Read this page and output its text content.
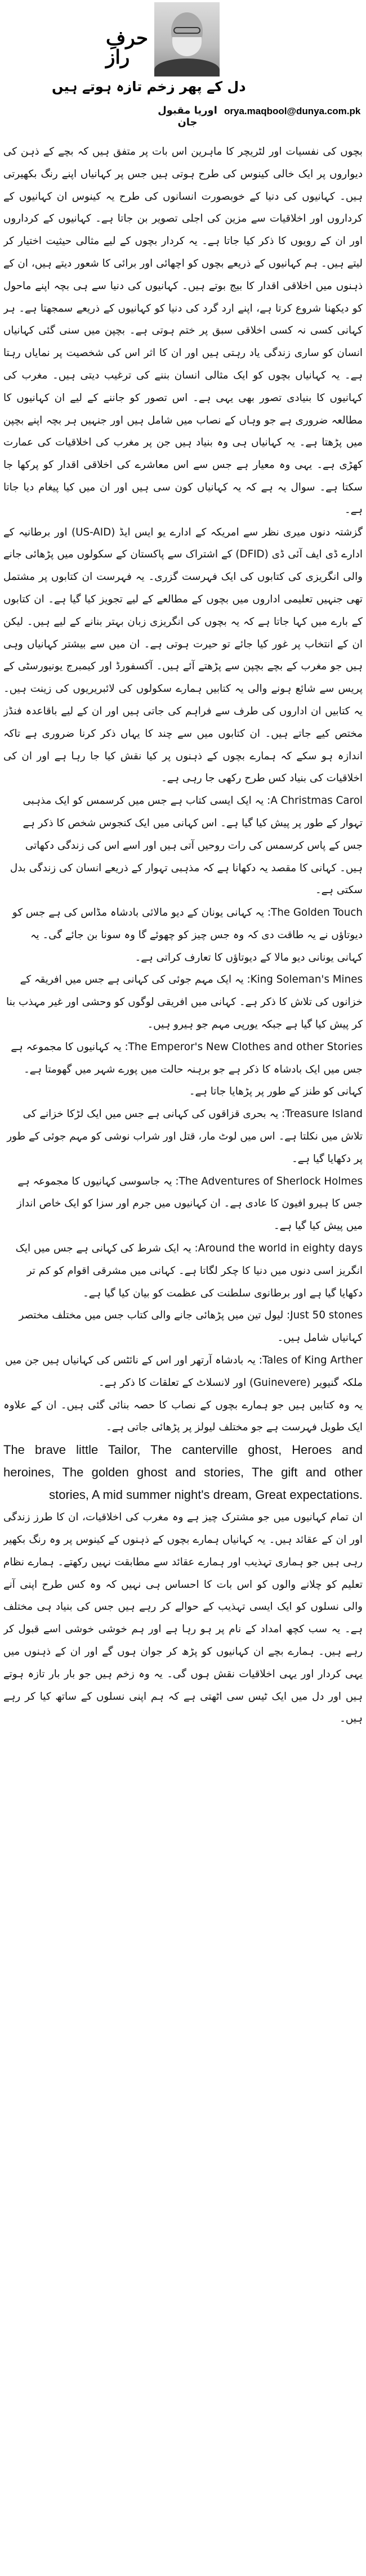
حرفِ راز
دل کے پھر زخم تازہ ہوتے ہیں
اوریا مقبول جان
orya.maqbool@dunya.com.pk

بچوں کی نفسیات اور لٹریچر کا ماہرین اس بات پر متفق ہیں کہ بچے کے ذہن کی دیواروں پر ایک خالی کینوس کی طرح ہوتی ہیں جس پر کہانیاں اپنے رنگ بکھیرتی ہیں۔ کہانیوں کی دنیا کے خوبصورت انسانوں کی طرح یہ کینوس ان کہانیوں کے کرداروں اور اخلاقیات سے مزین کی اجلی تصویر بن جاتا ہے۔ کہانیوں کے کرداروں اور ان کے رویوں کا ذکر کیا جاتا ہے۔ یہ کردار بچوں کے لیے مثالی حیثیت اختیار کر لیتے ہیں۔ ہم کہانیوں کے ذریعے بچوں کو اچھائی اور برائی کا شعور دیتے ہیں، ان کے ذہنوں میں اخلاقی اقدار کا بیج بوتے ہیں۔ کہانیوں کی دنیا سے ہی بچہ اپنے ماحول کو دیکھنا شروع کرتا ہے، اپنے ارد گرد کی دنیا کو کہانیوں کے ذریعے سمجھتا ہے۔ ہر کہانی کسی نہ کسی اخلاقی سبق پر ختم ہوتی ہے۔ بچپن میں سنی گئی کہانیاں انسان کو ساری زندگی یاد رہتی ہیں اور ان کا اثر اس کی شخصیت پر نمایاں رہتا ہے۔ یہ کہانیاں بچوں کو ایک مثالی انسان بننے کی ترغیب دیتی ہیں۔ مغرب کی کہانیوں کا بنیادی تصور بھی یہی ہے۔ اس تصور کو جاننے کے لیے ان کہانیوں کا مطالعہ ضروری ہے جو وہاں کے نصاب میں شامل ہیں اور جنہیں ہر بچہ اپنے بچپن میں پڑھتا ہے۔ یہ کہانیاں ہی وہ بنیاد ہیں جن پر مغرب کی اخلاقیات کی عمارت کھڑی ہے۔ یہی وہ معیار ہے جس سے اس معاشرے کی اخلاقی اقدار کو پرکھا جا سکتا ہے۔ سوال یہ ہے کہ یہ کہانیاں کون سی ہیں اور ان میں کیا پیغام دیا جاتا ہے۔

گزشتہ دنوں میری نظر سے امریکہ کے ادارے یو ایس ایڈ (US-AID) اور برطانیہ کے ادارے ڈی ایف آئی ڈی (DFID) کے اشتراک سے پاکستان کے سکولوں میں پڑھائی جانے والی انگریزی کی کتابوں کی ایک فہرست گزری۔ یہ فہرست ان کتابوں پر مشتمل تھی جنہیں تعلیمی اداروں میں بچوں کے مطالعے کے لیے تجویز کیا گیا ہے۔ ان کتابوں کے بارے میں کہا جاتا ہے کہ یہ بچوں کی انگریزی زبان بہتر بنانے کے لیے ہیں۔ لیکن ان کے انتخاب پر غور کیا جائے تو حیرت ہوتی ہے۔ ان میں سے بیشتر کہانیاں وہی ہیں جو مغرب کے بچے بچپن سے پڑھتے آئے ہیں۔ آکسفورڈ اور کیمبرج یونیورسٹی کے پریس سے شائع ہونے والی یہ کتابیں ہمارے سکولوں کی لائبریریوں کی زینت ہیں۔ یہ کتابیں ان اداروں کی طرف سے فراہم کی جاتی ہیں اور ان کے لیے باقاعدہ فنڈز مختص کیے جاتے ہیں۔ ان کتابوں میں سے چند کا یہاں ذکر کرنا ضروری ہے تاکہ اندازہ ہو سکے کہ ہمارے بچوں کے ذہنوں پر کیا نقش کیا جا رہا ہے اور ان کی اخلاقیات کی بنیاد کس طرح رکھی جا رہی ہے۔

A Christmas Carol: یہ ایک ایسی کتاب ہے جس میں کرسمس کو ایک مذہبی تہوار کے طور پر پیش کیا گیا ہے۔ اس کہانی میں ایک کنجوس شخص کا ذکر ہے جس کے پاس کرسمس کی رات روحیں آتی ہیں اور اسے اس کی زندگی دکھاتی ہیں۔ کہانی کا مقصد یہ دکھانا ہے کہ مذہبی تہوار کے ذریعے انسان کی زندگی بدل سکتی ہے۔

The Golden Touch: یہ کہانی یونان کے دیو مالائی بادشاہ مڈاس کی ہے جس کو دیوتاؤں نے یہ طاقت دی کہ وہ جس چیز کو چھوئے گا وہ سونا بن جائے گی۔ یہ کہانی یونانی دیو مالا کے دیوتاؤں کا تعارف کراتی ہے۔

King Soleman's Mines: یہ ایک مہم جوئی کی کہانی ہے جس میں افریقہ کے خزانوں کی تلاش کا ذکر ہے۔ کہانی میں افریقی لوگوں کو وحشی اور غیر مہذب بنا کر پیش کیا گیا ہے جبکہ یورپی مہم جو ہیرو ہیں۔

The Emperor's New Clothes and other Stories: یہ کہانیوں کا مجموعہ ہے جس میں ایک بادشاہ کا ذکر ہے جو برہنہ حالت میں پورے شہر میں گھومتا ہے۔ کہانی کو طنز کے طور پر پڑھایا جاتا ہے۔

Treasure Island: یہ بحری قزاقوں کی کہانی ہے جس میں ایک لڑکا خزانے کی تلاش میں نکلتا ہے۔ اس میں لوٹ مار، قتل اور شراب نوشی کو مہم جوئی کے طور پر دکھایا گیا ہے۔

The Adventures of Sherlock Holmes: یہ جاسوسی کہانیوں کا مجموعہ ہے جس کا ہیرو افیون کا عادی ہے۔ ان کہانیوں میں جرم اور سزا کو ایک خاص انداز میں پیش کیا گیا ہے۔

Around the world in eighty days: یہ ایک شرط کی کہانی ہے جس میں ایک انگریز اسی دنوں میں دنیا کا چکر لگاتا ہے۔ کہانی میں مشرقی اقوام کو کم تر دکھایا گیا ہے اور برطانوی سلطنت کی عظمت کو بیان کیا گیا ہے۔

Just 50 stones: لیول تین میں پڑھائی جانے والی کتاب جس میں مختلف مختصر کہانیاں شامل ہیں۔

Tales of King Arther: یہ بادشاہ آرتھر اور اس کے نائٹس کی کہانیاں ہیں جن میں ملکہ گنیویر (Guinevere) اور لانسلاٹ کے تعلقات کا ذکر ہے۔

یہ وہ کتابیں ہیں جو ہمارے بچوں کے نصاب کا حصہ بنائی گئی ہیں۔ ان کے علاوہ ایک طویل فہرست ہے جو مختلف لیولز پر پڑھائی جاتی ہے۔

The brave little Tailor, The canterville ghost, Heroes and heroines, The golden ghost and stories, The gift and other stories, A mid summer night's dream, Great expectations.

ان تمام کہانیوں میں جو مشترک چیز ہے وہ مغرب کی اخلاقیات، ان کا طرز زندگی اور ان کے عقائد ہیں۔ یہ کہانیاں ہمارے بچوں کے ذہنوں کے کینوس پر وہ رنگ بکھیر رہی ہیں جو ہماری تہذیب اور ہمارے عقائد سے مطابقت نہیں رکھتے۔ ہمارے نظام تعلیم کو چلانے والوں کو اس بات کا احساس ہی نہیں کہ وہ کس طرح اپنی آنے والی نسلوں کو ایک ایسی تہذیب کے حوالے کر رہے ہیں جس کی بنیاد ہی مختلف ہے۔ یہ سب کچھ امداد کے نام پر ہو رہا ہے اور ہم خوشی خوشی اسے قبول کر رہے ہیں۔ ہمارے بچے ان کہانیوں کو پڑھ کر جوان ہوں گے اور ان کے ذہنوں میں یہی کردار اور یہی اخلاقیات نقش ہوں گی۔ یہ وہ زخم ہیں جو بار بار تازہ ہوتے ہیں اور دل میں ایک ٹیس سی اٹھتی ہے کہ ہم اپنی نسلوں کے ساتھ کیا کر رہے ہیں۔
